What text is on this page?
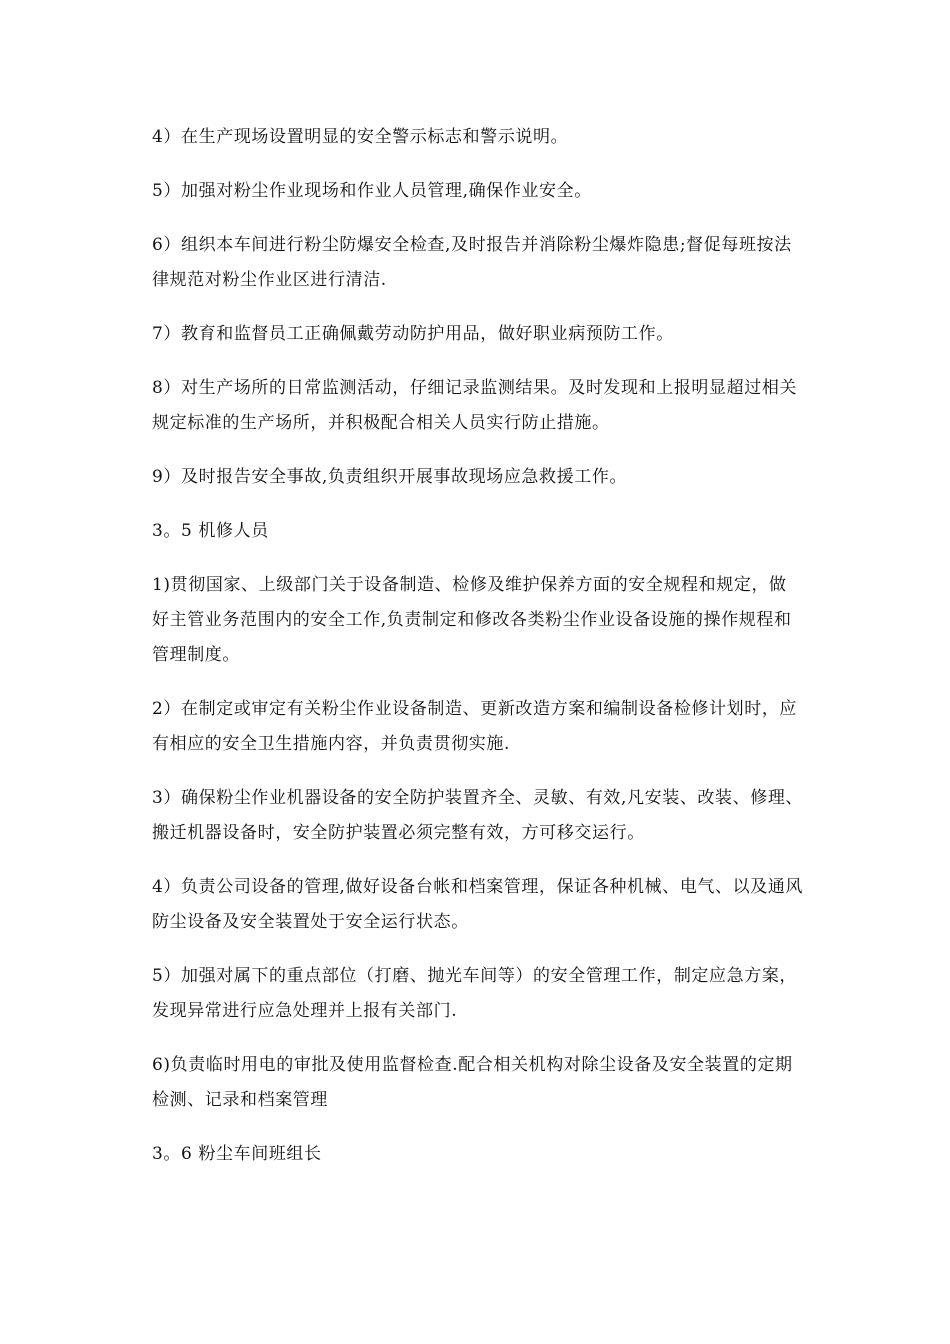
4）在生产现场设置明显的安全警示标志和警示说明。

5）加强对粉尘作业现场和作业人员管理,确保作业安全。

6）组织本车间进行粉尘防爆安全检查,及时报告并消除粉尘爆炸隐患;督促每班按法律规范对粉尘作业区进行清洁.

7）教育和监督员工正确佩戴劳动防护用品，做好职业病预防工作。

8）对生产场所的日常监测活动，仔细记录监测结果。及时发现和上报明显超过相关规定标准的生产场所，并积极配合相关人员实行防止措施。

9）及时报告安全事故,负责组织开展事故现场应急救援工作。

3。5 机修人员

1)贯彻国家、上级部门关于设备制造、检修及维护保养方面的安全规程和规定，做好主管业务范围内的安全工作,负责制定和修改各类粉尘作业设备设施的操作规程和管理制度。

2）在制定或审定有关粉尘作业设备制造、更新改造方案和编制设备检修计划时，应有相应的安全卫生措施内容，并负责贯彻实施.

3）确保粉尘作业机器设备的安全防护装置齐全、灵敏、有效,凡安装、改装、修理、搬迁机器设备时，安全防护装置必须完整有效，方可移交运行。

4）负责公司设备的管理,做好设备台帐和档案管理，保证各种机械、电气、以及通风防尘设备及安全装置处于安全运行状态。

5）加强对属下的重点部位（打磨、抛光车间等）的安全管理工作，制定应急方案，发现异常进行应急处理并上报有关部门.

6)负责临时用电的审批及使用监督检查.配合相关机构对除尘设备及安全装置的定期检测、记录和档案管理

3。6 粉尘车间班组长
